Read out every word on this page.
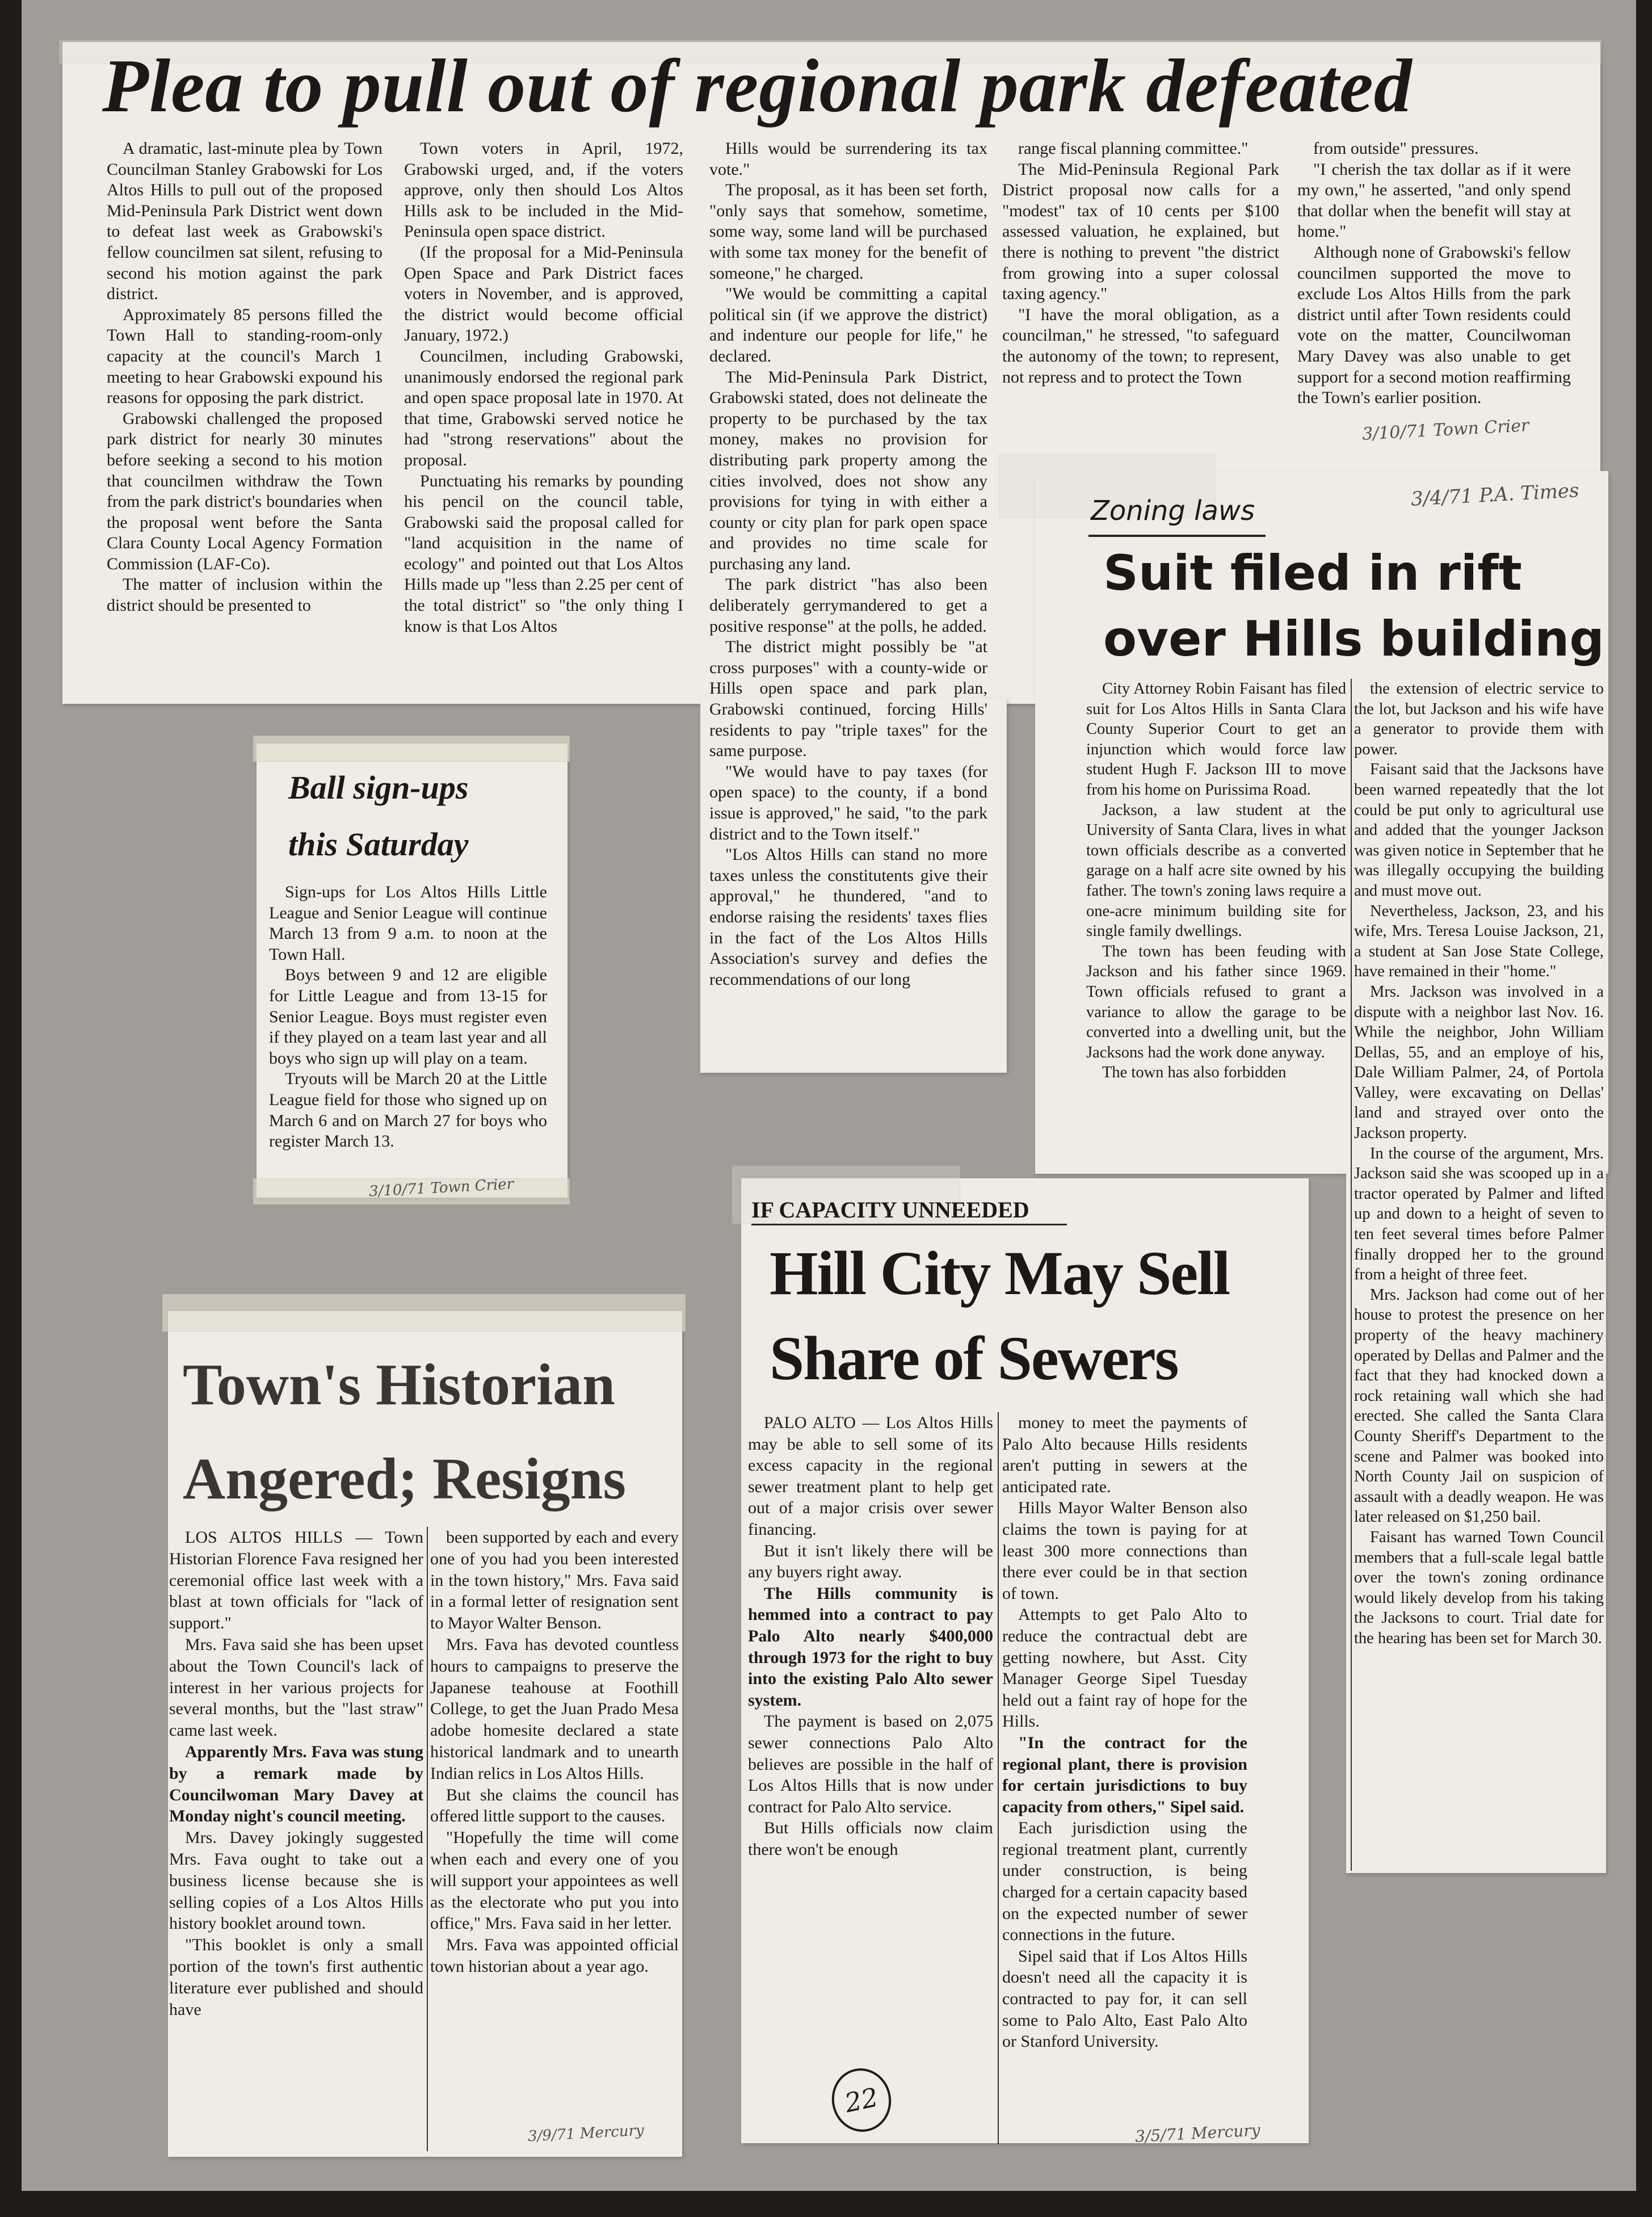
Plea to pull out of regional park defeated

A dramatic, last-minute plea by Town Councilman Stanley Grabowski for Los Altos Hills to pull out of the proposed Mid-Peninsula Park District went down to defeat last week as Grabowski's fellow councilmen sat silent, refusing to second his motion against the park district.

Approximately 85 persons filled the Town Hall to standing-room-only capacity at the council's March 1 meeting to hear Grabowski expound his reasons for opposing the park district.

Grabowski challenged the proposed park district for nearly 30 minutes before seeking a second to his motion that councilmen withdraw the Town from the park district's boundaries when the proposal went before the Santa Clara County Local Agency Formation Commission (LAF-Co).

The matter of inclusion within the district should be presented to

Town voters in April, 1972, Grabowski urged, and, if the voters approve, only then should Los Altos Hills ask to be included in the Mid-Peninsula open space district.

(If the proposal for a Mid-Peninsula Open Space and Park District faces voters in November, and is approved, the district would become official January, 1972.)

Councilmen, including Grabowski, unanimously endorsed the regional park and open space proposal late in 1970. At that time, Grabowski served notice he had "strong reservations" about the proposal.

Punctuating his remarks by pounding his pencil on the council table, Grabowski said the proposal called for "land acquisition in the name of ecology" and pointed out that Los Altos Hills made up "less than 2.25 per cent of the total district" so "the only thing I know is that Los Altos

Hills would be surrendering its tax vote."

The proposal, as it has been set forth, "only says that somehow, sometime, some way, some land will be purchased with some tax money for the benefit of someone," he charged.

"We would be committing a capital political sin (if we approve the district) and indenture our people for life," he declared.

The Mid-Peninsula Park District, Grabowski stated, does not delineate the property to be purchased by the tax money, makes no provision for distributing park property among the cities involved, does not show any provisions for tying in with either a county or city plan for park open space and provides no time scale for purchasing any land.

The park district "has also been deliberately gerrymandered to get a positive response" at the polls, he added.

The district might possibly be "at cross purposes" with a county-wide or Hills open space and park plan, Grabowski continued, forcing Hills' residents to pay "triple taxes" for the same purpose.

"We would have to pay taxes (for open space) to the county, if a bond issue is approved," he said, "to the park district and to the Town itself."

"Los Altos Hills can stand no more taxes unless the constitutents give their approval," he thundered, "and to endorse raising the residents' taxes flies in the fact of the Los Altos Hills Association's survey and defies the recommendations of our long

range fiscal planning committee."

The Mid-Peninsula Regional Park District proposal now calls for a "modest" tax of 10 cents per $100 assessed valuation, he explained, but there is nothing to prevent "the district from growing into a super colossal taxing agency."

"I have the moral obligation, as a councilman," he stressed, "to safeguard the autonomy of the town; to represent, not repress and to protect the Town

from outside" pressures.

"I cherish the tax dollar as if it were my own," he asserted, "and only spend that dollar when the benefit will stay at home."

Although none of Grabowski's fellow councilmen supported the move to exclude Los Altos Hills from the park district until after Town residents could vote on the matter, Councilwoman Mary Davey was also unable to get support for a second motion reaffirming the Town's earlier position.

3/10/71 Town Crier
Ball sign-ups
this Saturday

Sign-ups for Los Altos Hills Little League and Senior League will continue March 13 from 9 a.m. to noon at the Town Hall.

Boys between 9 and 12 are eligible for Little League and from 13-15 for Senior League. Boys must register even if they played on a team last year and all boys who sign up will play on a team.

Tryouts will be March 20 at the Little League field for those who signed up on March 6 and on March 27 for boys who register March 13.

3/10/71 Town Crier
3/4/71 P.A. Times
Zoning laws
Suit filed in rift
over Hills building

City Attorney Robin Faisant has filed suit for Los Altos Hills in Santa Clara County Superior Court to get an injunction which would force law student Hugh F. Jackson III to move from his home on Purissima Road.

Jackson, a law student at the University of Santa Clara, lives in what town officials describe as a converted garage on a half acre site owned by his father. The town's zoning laws require a one-acre minimum building site for single family dwellings.

The town has been feuding with Jackson and his father since 1969. Town officials refused to grant a variance to allow the garage to be converted into a dwelling unit, but the Jacksons had the work done anyway.

The town has also forbidden

the extension of electric service to the lot, but Jackson and his wife have a generator to provide them with power.

Faisant said that the Jacksons have been warned repeatedly that the lot could be put only to agricultural use and added that the younger Jackson was given notice in September that he was illegally occupying the building and must move out.

Nevertheless, Jackson, 23, and his wife, Mrs. Teresa Louise Jackson, 21, a student at San Jose State College, have remained in their "home."

Mrs. Jackson was involved in a dispute with a neighbor last Nov. 16. While the neighbor, John William Dellas, 55, and an employe of his, Dale William Palmer, 24, of Portola Valley, were excavating on Dellas' land and strayed over onto the Jackson property.

In the course of the argument, Mrs. Jackson said she was scooped up in a tractor operated by Palmer and lifted up and down to a height of seven to ten feet several times before Palmer finally dropped her to the ground from a height of three feet.

Mrs. Jackson had come out of her house to protest the presence on her property of the heavy machinery operated by Dellas and Palmer and the fact that they had knocked down a rock retaining wall which she had erected. She called the Santa Clara County Sheriff's Department to the scene and Palmer was booked into North County Jail on suspicion of assault with a deadly weapon. He was later released on $1,250 bail.

Faisant has warned Town Council members that a full-scale legal battle over the town's zoning ordinance would likely develop from his taking the Jacksons to court. Trial date for the hearing has been set for March 30.

IF CAPACITY UNNEEDED
Hill City May Sell
Share of Sewers

PALO ALTO — Los Altos Hills may be able to sell some of its excess capacity in the regional sewer treatment plant to help get out of a major crisis over sewer financing.

But it isn't likely there will be any buyers right away.

The Hills community is hemmed into a contract to pay Palo Alto nearly $400,000 through 1973 for the right to buy into the existing Palo Alto sewer system.

The payment is based on 2,075 sewer connections Palo Alto believes are possible in the half of Los Altos Hills that is now under contract for Palo Alto service.

But Hills officials now claim there won't be enough

money to meet the payments of Palo Alto because Hills residents aren't putting in sewers at the anticipated rate.

Hills Mayor Walter Benson also claims the town is paying for at least 300 more connections than there ever could be in that section of town.

Attempts to get Palo Alto to reduce the contractual debt are getting nowhere, but Asst. City Manager George Sipel Tuesday held out a faint ray of hope for the Hills.

"In the contract for the regional plant, there is provision for certain jurisdictions to buy capacity from others," Sipel said.

Each jurisdiction using the regional treatment plant, currently under construction, is being charged for a certain capacity based on the expected number of sewer connections in the future.

Sipel said that if Los Altos Hills doesn't need all the capacity it is contracted to pay for, it can sell some to Palo Alto, East Palo Alto or Stanford University.

3/5/71 Mercury
Town's Historian
Angered; Resigns

LOS ALTOS HILLS — Town Historian Florence Fava resigned her ceremonial office last week with a blast at town officials for "lack of support."

Mrs. Fava said she has been upset about the Town Council's lack of interest in her various projects for several months, but the "last straw" came last week.

Apparently Mrs. Fava was stung by a remark made by Councilwoman Mary Davey at Monday night's council meeting.

Mrs. Davey jokingly suggested Mrs. Fava ought to take out a business license because she is selling copies of a Los Altos Hills history booklet around town.

"This booklet is only a small portion of the town's first authentic literature ever published and should have

been supported by each and every one of you had you been interested in the town history," Mrs. Fava said in a formal letter of resignation sent to Mayor Walter Benson.

Mrs. Fava has devoted countless hours to campaigns to preserve the Japanese teahouse at Foothill College, to get the Juan Prado Mesa adobe homesite declared a state historical landmark and to unearth Indian relics in Los Altos Hills.

But she claims the council has offered little support to the causes.

"Hopefully the time will come when each and every one of you will support your appointees as well as the electorate who put you into office," Mrs. Fava said in her letter.

Mrs. Fava was appointed official town historian about a year ago.

3/9/71 Mercury
22
